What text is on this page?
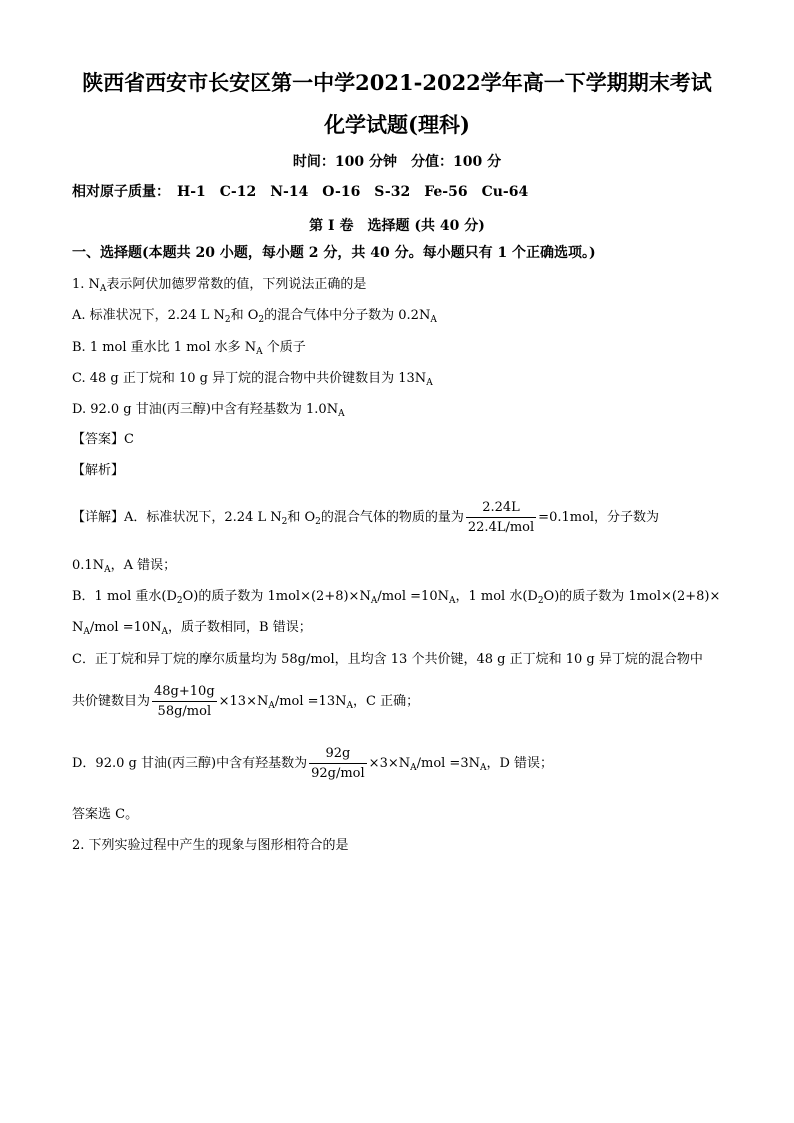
陕西省西安市长安区第一中学2021-2022学年高一下学期期末考试
化学试题(理科)
时间：100 分钟　分值：100 分
相对原子质量：　H-1　C-12　N-14　O-16　S-32　Fe-56　Cu-64
第 I 卷　选择题 (共 40 分)
一、选择题(本题共 20 小题，每小题 2 分，共 40 分。每小题只有 1 个正确选项。)
1. $N_A$表示阿伏加德罗常数的值，下列说法正确的是
A. 标准状况下，2.24 L $N_2$和 $O_2$的混合气体中分子数为 $0.2N_A$
B. 1 mol 重水比 1 mol 水多 $N_A$ 个质子
C. 48 g 正丁烷和 10 g 异丁烷的混合物中共价键数目为 $13N_A$
D. 92.0 g 甘油(丙三醇)中含有羟基数为 $1.0N_A$
【答案】C
【解析】
【详解】A．标准状况下，2.24 L $N_2$和 $O_2$的混合气体的物质的量为 $\frac{2.24L}{\text{22.4L/mol}} =0.1mol$，分子数为
$0.1N_A$，A 错误；
B．1 mol 重水$(D_2O)$的质子数为 $1mol\times(2+8)\times N_A$/mol $=10N_A$，1 mol 水$(D_2O)$的质子数为 1mol×(2+8)×
$N_A$/mol $=10N_A$，质子数相同，B 错误；
C．正丁烷和异丁烷的摩尔质量均为 58g/mol，且均含 13 个共价键，48 g 正丁烷和 10 g 异丁烷的混合物中
共价键数目为 $\frac{48g+10g}{\text{58g/mol}} \times 13\times N_A/mol =13N_A$，C 正确；
D．92.0 g 甘油(丙三醇)中含有羟基数为 $\frac{92g}{\text{92g/mol}} \times 3\times N_A/mol =3N_A$，D 错误；
答案选 C。
2. 下列实验过程中产生的现象与图形相符合的是
